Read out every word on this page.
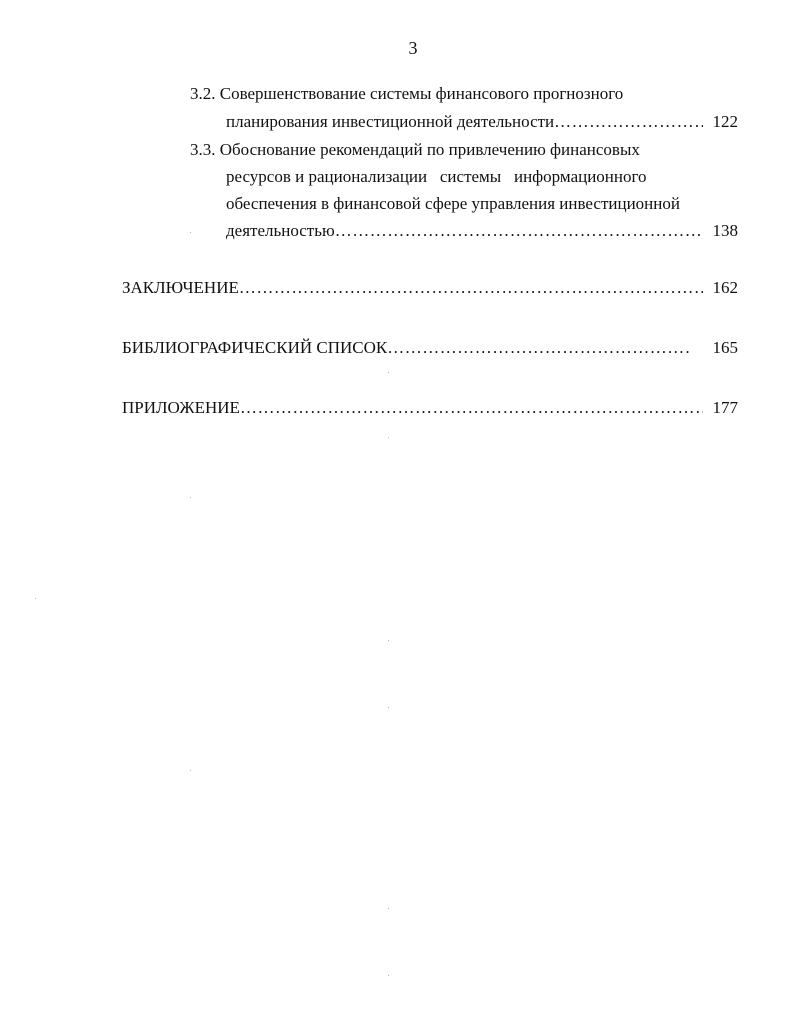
3
3.2. Совершенствование системы финансового прогнозного
планирования инвестиционной деятельности …………………………………………………………………………………………………………………………………………………………………………	122
3.3. Обоснование рекомендаций по привлечению финансовых
ресурсов и рационализации   системы   информационного
обеспечения в финансовой сфере управления инвестиционной
деятельностью …………………………………………………………………………………………………………………………………………………………………………	138
ЗАКЛЮЧЕНИЕ …………………………………………………………………………………………………………………………………………………………………………	162
БИБЛИОГРАФИЧЕСКИЙ СПИСОК …………………………………………………………………………………………………………………………………………………………………………	165
ПРИЛОЖЕНИЕ …………………………………………………………………………………………………………………………………………………………………………	177
